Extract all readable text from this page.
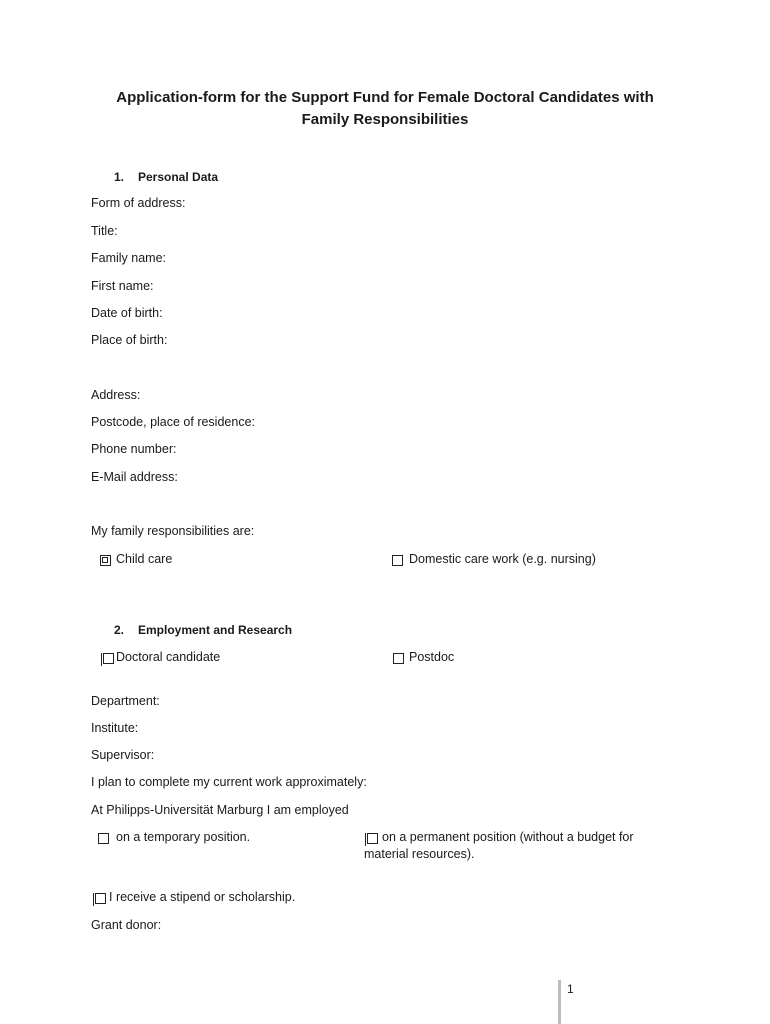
Application-form for the Support Fund for Female Doctoral Candidates with
Family Responsibilities
1. Personal Data
Form of address:
Title:
Family name:
First name:
Date of birth:
Place of birth:
Address:
Postcode, place of residence:
Phone number:
E-Mail address:
My family responsibilities are:
Child care	Domestic care work (e.g. nursing)
2. Employment and Research
Doctoral candidate	Postdoc
Department:
Institute:
Supervisor:
I plan to complete my current work approximately:
At Philipps-Universität Marburg I am employed
on a temporary position.	on a permanent position (without a budget for
material resources).
I receive a stipend or scholarship.
Grant donor:
1
